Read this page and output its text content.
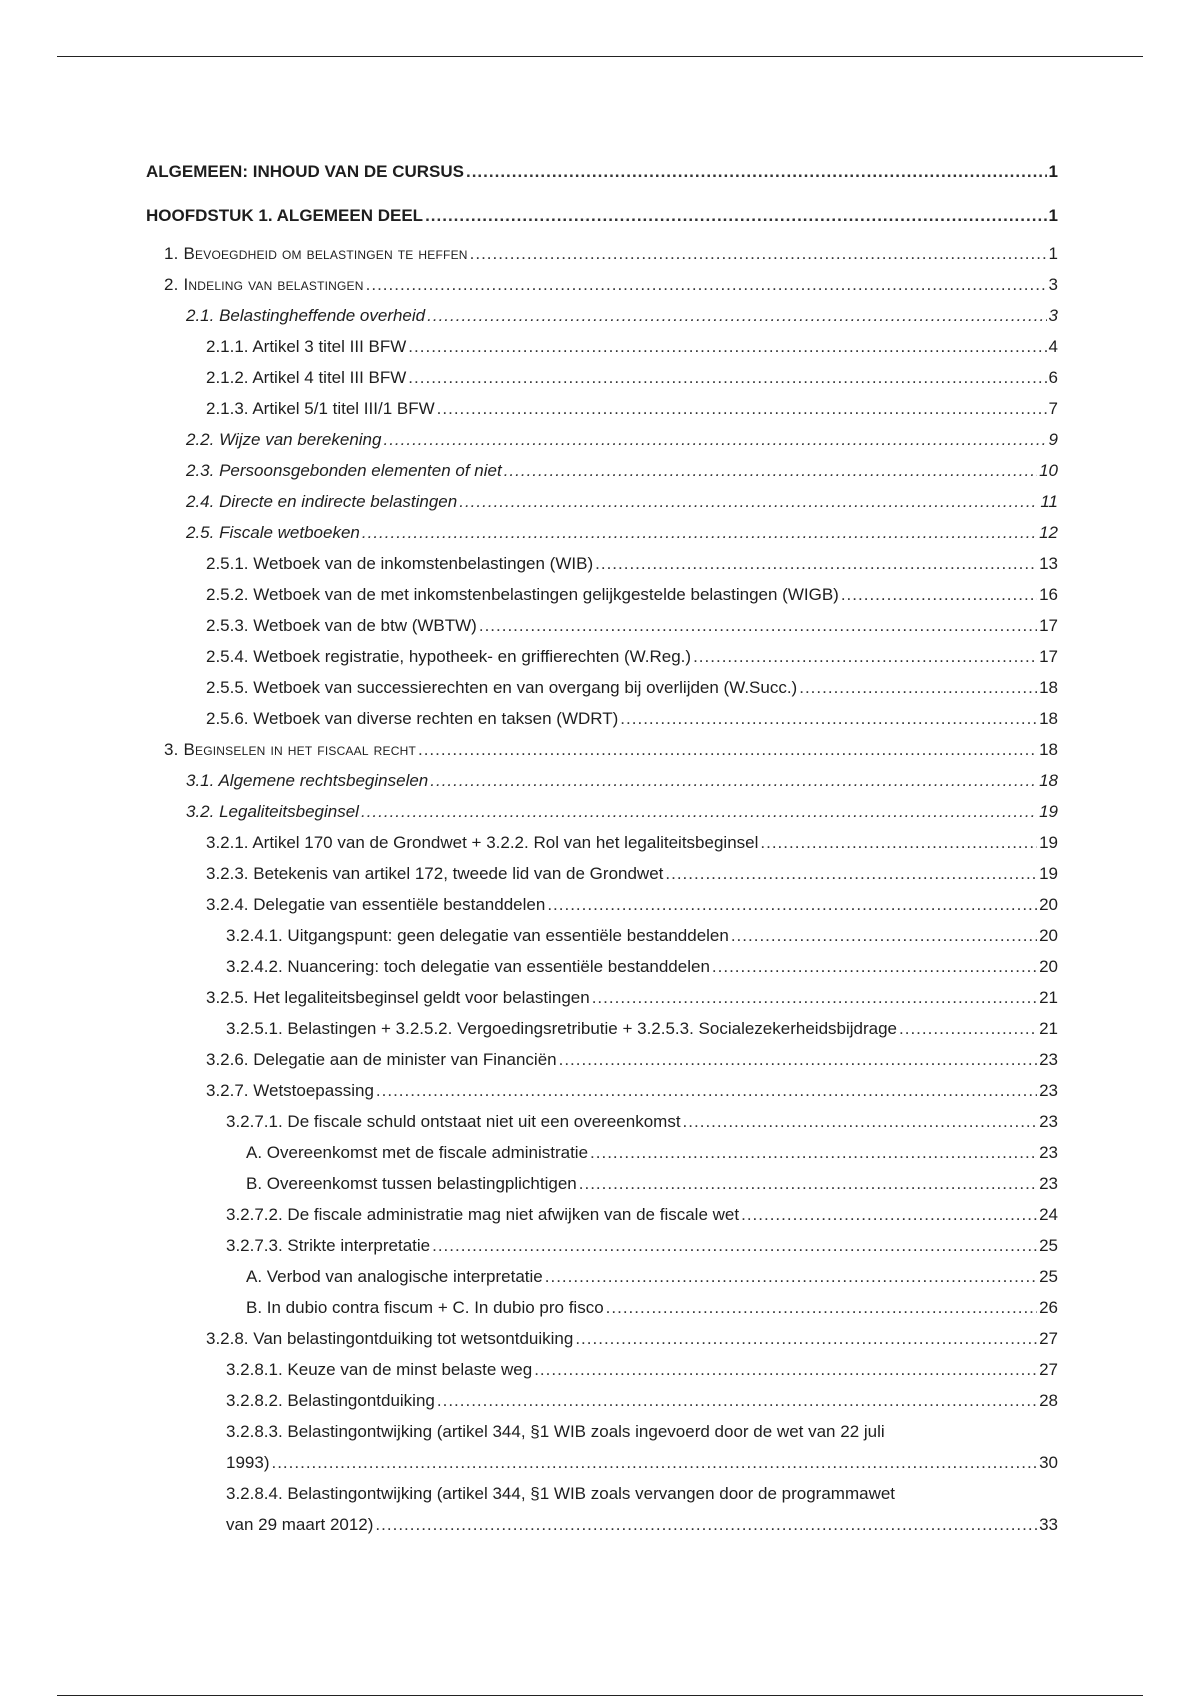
ALGEMEEN: INHOUD VAN DE CURSUS .....	1
HOOFDSTUK 1. ALGEMEEN DEEL .....	1
1. Bevoegdheid om belastingen te heffen .....	1
2. Indeling van belastingen .....	3
2.1. Belastingheffende overheid .....	3
2.1.1. Artikel 3 titel III BFW .....	4
2.1.2. Artikel 4 titel III BFW .....	6
2.1.3. Artikel 5/1 titel III/1 BFW .....	7
2.2. Wijze van berekening .....	9
2.3. Persoonsgebonden elementen of niet .....	10
2.4. Directe en indirecte belastingen .....	11
2.5. Fiscale wetboeken .....	12
2.5.1. Wetboek van de inkomstenbelastingen (WIB) .....	13
2.5.2. Wetboek van de met inkomstenbelastingen gelijkgestelde belastingen (WIGB) .....	16
2.5.3. Wetboek van de btw (WBTW) .....	17
2.5.4. Wetboek registratie, hypotheek- en griffierechten (W.Reg.) .....	17
2.5.5. Wetboek van successierechten en van overgang bij overlijden (W.Succ.) .....	18
2.5.6. Wetboek van diverse rechten en taksen (WDRT) .....	18
3. Beginselen in het fiscaal recht .....	18
3.1. Algemene rechtsbeginselen .....	18
3.2. Legaliteitsbeginsel .....	19
3.2.1. Artikel 170 van de Grondwet + 3.2.2. Rol van het legaliteitsbeginsel .....	19
3.2.3. Betekenis van artikel 172, tweede lid van de Grondwet .....	19
3.2.4. Delegatie van essentiële bestanddelen .....	20
3.2.4.1. Uitgangspunt: geen delegatie van essentiële bestanddelen .....	20
3.2.4.2. Nuancering: toch delegatie van essentiële bestanddelen .....	20
3.2.5. Het legaliteitsbeginsel geldt voor belastingen .....	21
3.2.5.1. Belastingen + 3.2.5.2. Vergoedingsretributie + 3.2.5.3. Socialezekerheidsbijdrage .....	21
3.2.6. Delegatie aan de minister van Financiën .....	23
3.2.7. Wetstoepassing .....	23
3.2.7.1. De fiscale schuld ontstaat niet uit een overeenkomst .....	23
A. Overeenkomst met de fiscale administratie .....	23
B. Overeenkomst tussen belastingplichtigen .....	23
3.2.7.2. De fiscale administratie mag niet afwijken van de fiscale wet .....	24
3.2.7.3. Strikte interpretatie .....	25
A. Verbod van analogische interpretatie .....	25
B. In dubio contra fiscum + C. In dubio pro fisco .....	26
3.2.8. Van belastingontduiking tot wetsontduiking .....	27
3.2.8.1. Keuze van de minst belaste weg .....	27
3.2.8.2. Belastingontduiking .....	28
3.2.8.3. Belastingontwijking (artikel 344, §1 WIB zoals ingevoerd door de wet van 22 juli
1993) .....	30
3.2.8.4. Belastingontwijking (artikel 344, §1 WIB zoals vervangen door de programmawet
van 29 maart 2012) .....	33
